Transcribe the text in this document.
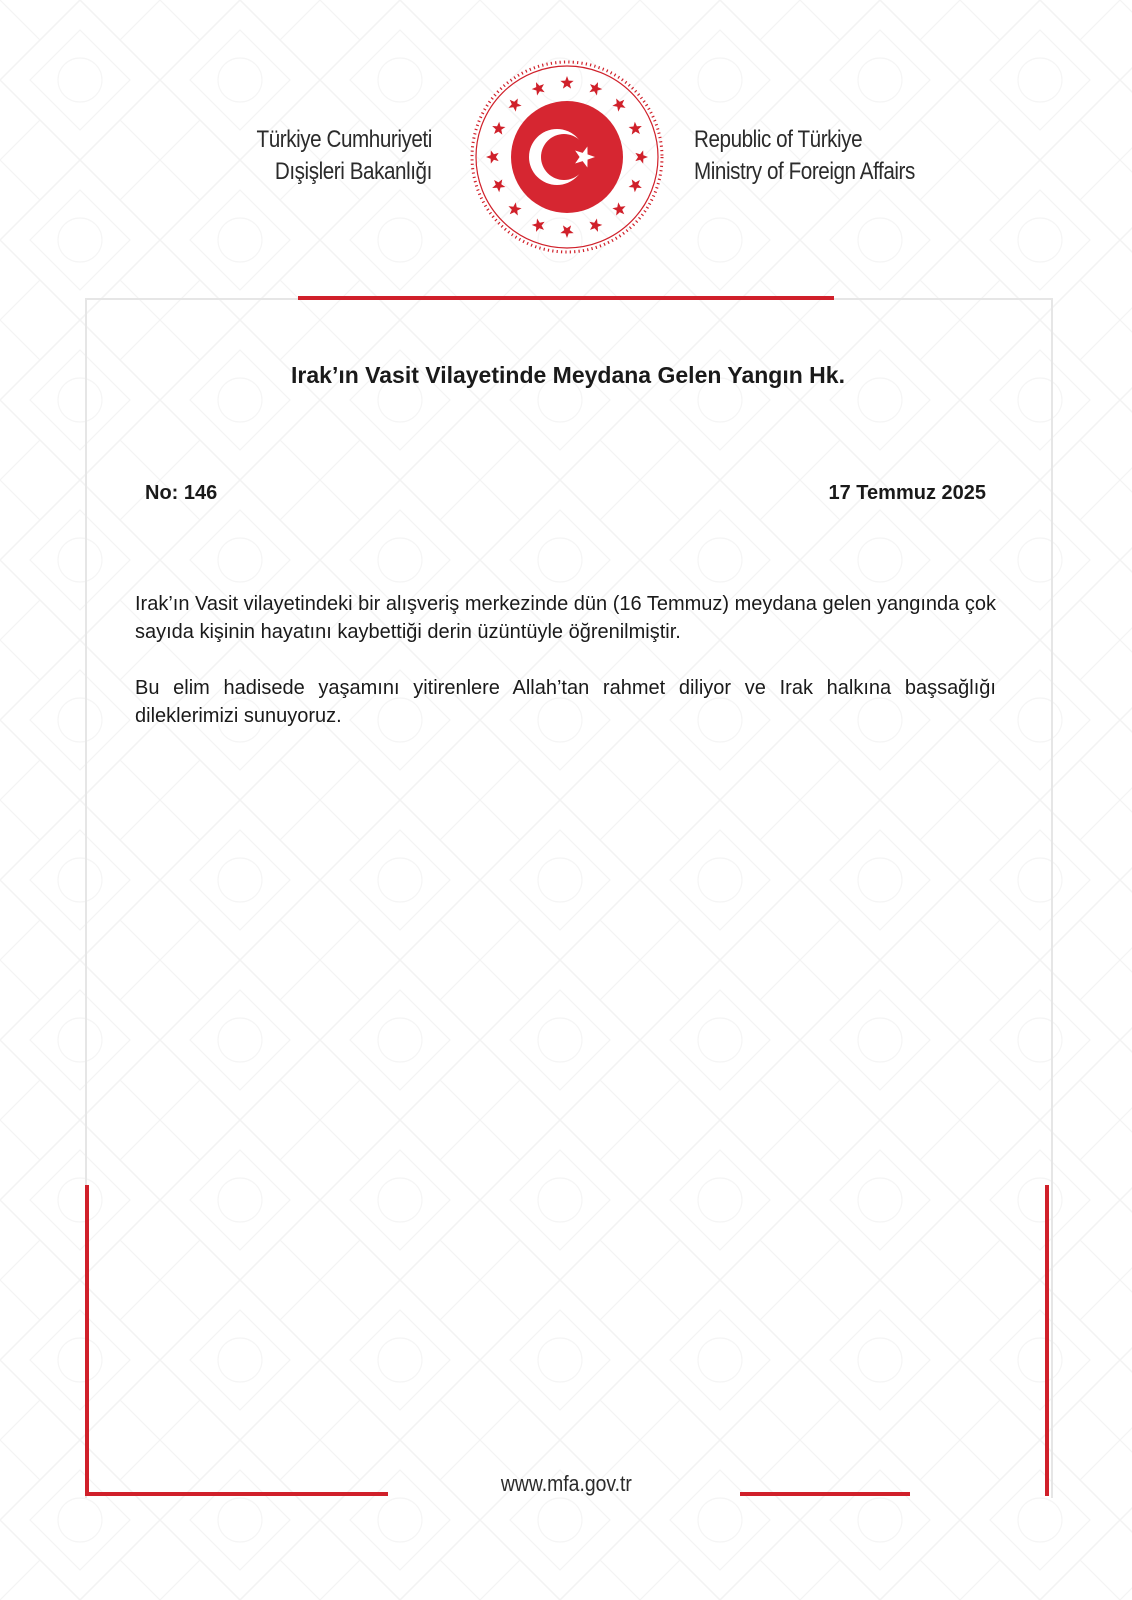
Türkiye Cumhuriyeti
Dışişleri Bakanlığı
Republic of Türkiye
Ministry of Foreign Affairs
Irak’ın Vasit Vilayetinde Meydana Gelen Yangın Hk.
No: 146	17 Temmuz 2025

Irak’ın Vasit vilayetindeki bir alışveriş merkezinde dün (16 Temmuz) meydana gelen yangında çok sayıda kişinin hayatını kaybettiği derin üzüntüyle öğrenilmiştir.

Bu elim hadisede yaşamını yitirenlere Allah’tan rahmet diliyor ve Irak halkına başsağlığı dileklerimizi sunuyoruz.

www.mfa.gov.tr
